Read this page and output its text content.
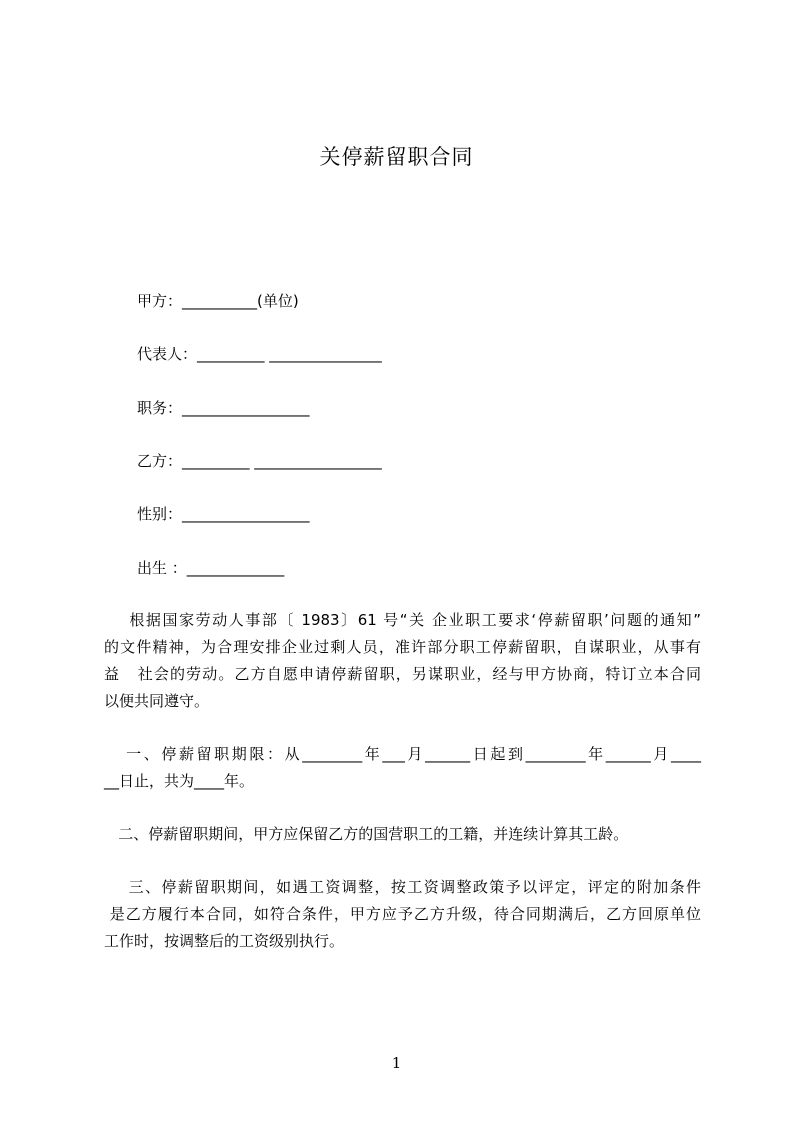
关停薪留职合同
甲方：__________(单位)
代表人：_________ _______________
职务：_________________
乙方：_________ _________________
性别：_________________
出生 ：_____________
根据国家劳动人事部〔 1983〕61 号“关 企业职工要求‘停薪留职’问题的通知”
的文件精神，为合理安排企业过剩人员，准许部分职工停薪留职，自谋职业，从事有
益   社会的劳动。乙方自愿申请停薪留职，另谋职业，经与甲方协商，特订立本合同
以便共同遵守。
一、停薪留职期限：从________年___月______日起到________年______月____
__日止，共为____年。
二、停薪留职期间，甲方应保留乙方的国营职工的工籍，并连续计算其工龄。
三、停薪留职期间，如遇工资调整，按工资调整政策予以评定，评定的附加条件
是乙方履行本合同，如符合条件，甲方应予乙方升级，待合同期满后，乙方回原单位
工作时，按调整后的工资级别执行。
1
